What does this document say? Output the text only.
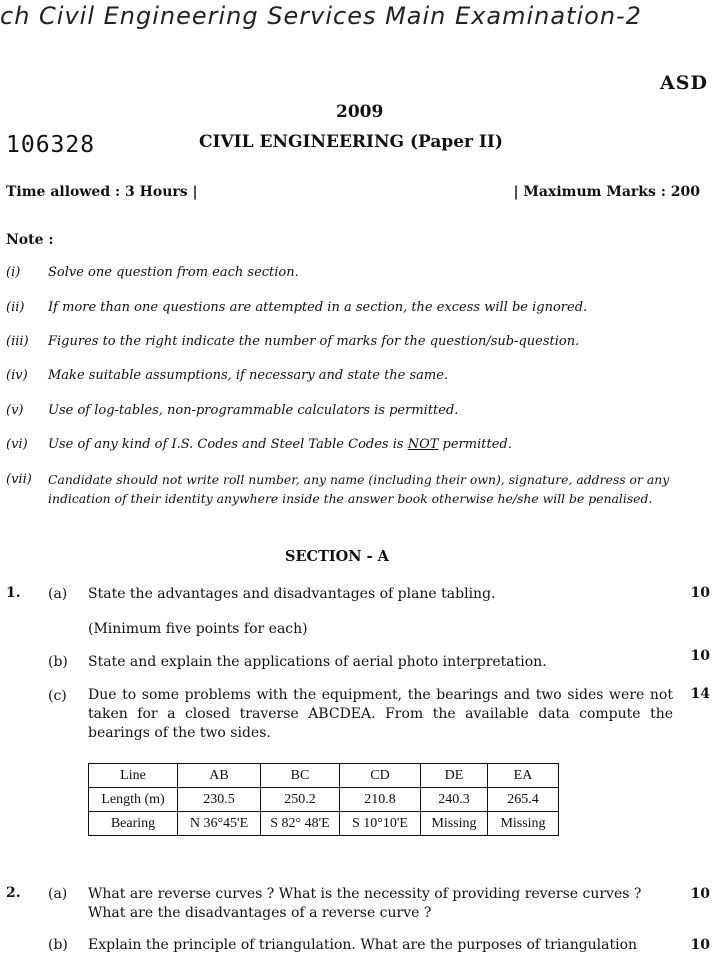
ch Civil Engineering Services Main Examination-2
ASD
2009
106328	CIVIL ENGINEERING (Paper II)
Time allowed : 3 Hours |	| Maximum Marks : 200
Note :
(i) Solve one question from each section.
(ii) If more than one questions are attempted in a section, the excess will be ignored.
(iii) Figures to the right indicate the number of marks for the question/sub-question.
(iv) Make suitable assumptions, if necessary and state the same.
(v) Use of log-tables, non-programmable calculators is permitted.
(vi) Use of any kind of I.S. Codes and Steel Table Codes is NOT permitted.
(vii) Candidate should not write roll number, any name (including their own), signature, address or any
indication of their identity anywhere inside the answer book otherwise he/she will be penalised.
SECTION - A
1. (a) State the advantages and disadvantages of plane tabling.	10
(Minimum five points for each)
(b) State and explain the applications of aerial photo interpretation.	10
(c) Due to some problems with the equipment, the bearings and two sides were not taken for a closed traverse ABCDEA. From the available data compute the bearings of the two sides.
14
Line	AB	BC	CD	DE	EA
Length (m)	230.5	250.2	210.8	240.3	265.4
Bearing	N 36°45'E	S 82° 48'E	S 10°10'E	Missing	Missing
2. (a) What are reverse curves ? What is the necessity of providing reverse curves ?
What are the disadvantages of a reverse curve ?
10
(b) Explain the principle of triangulation. What are the purposes of triangulation	10
